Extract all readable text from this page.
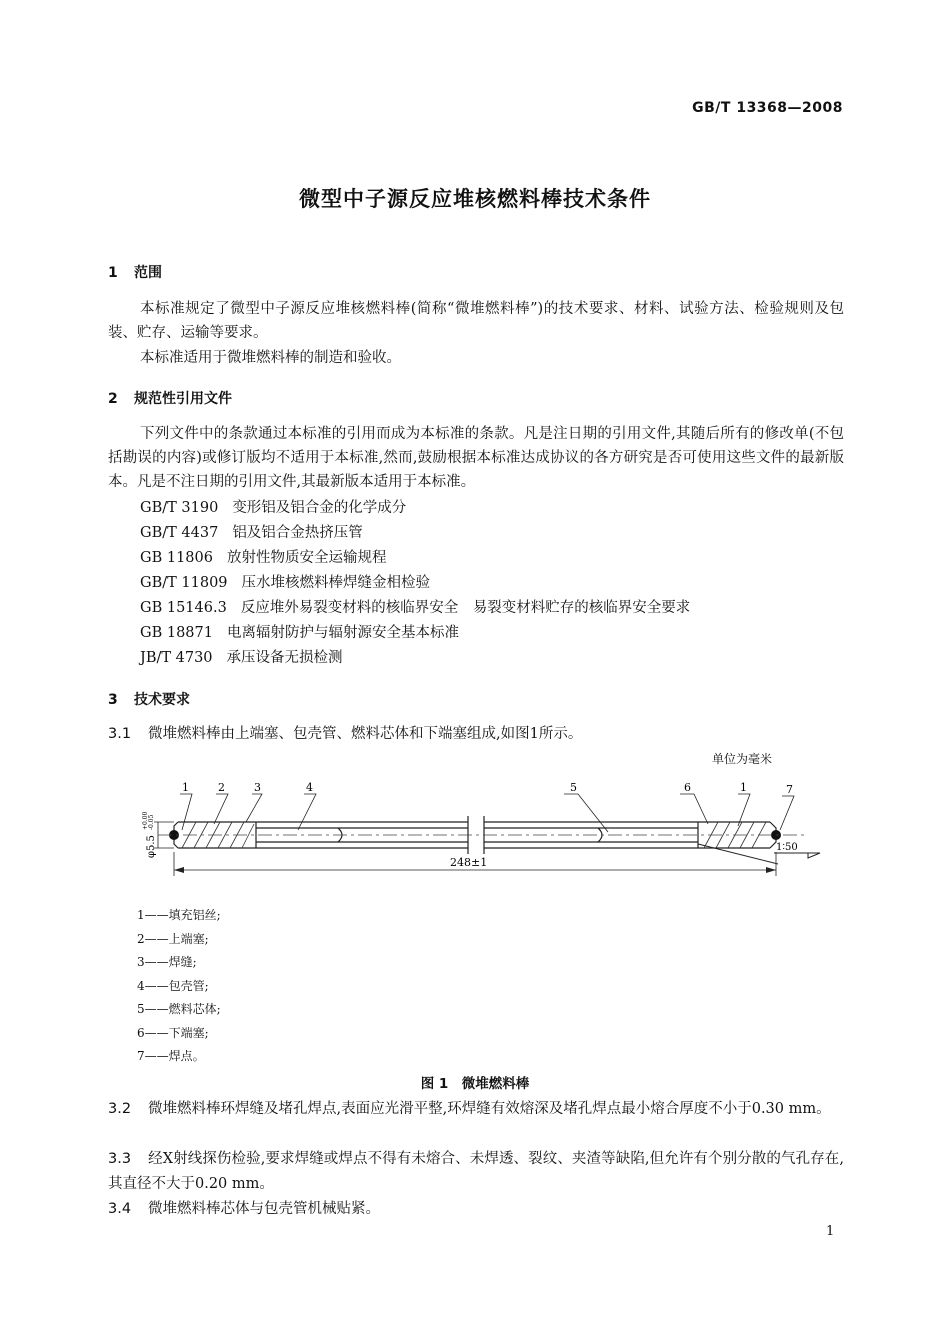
GB/T 13368—2008
微型中子源反应堆核燃料棒技术条件
1 范围
本标准规定了微型中子源反应堆核燃料棒(简称“微堆燃料棒”)的技术要求、材料、试验方法、检验规则及包装、贮存、运输等要求。
本标准适用于微堆燃料棒的制造和验收。
2 规范性引用文件
下列文件中的条款通过本标准的引用而成为本标准的条款。凡是注日期的引用文件,其随后所有的修改单(不包括勘误的内容)或修订版均不适用于本标准,然而,鼓励根据本标准达成协议的各方研究是否可使用这些文件的最新版本。凡是不注日期的引用文件,其最新版本适用于本标准。
GB/T 3190 变形铝及铝合金的化学成分
GB/T 4437 铝及铝合金热挤压管
GB 11806 放射性物质安全运输规程
GB/T 11809 压水堆核燃料棒焊缝金相检验
GB 15146.3 反应堆外易裂变材料的核临界安全　易裂变材料贮存的核临界安全要求
GB 18871 电离辐射防护与辐射源安全基本标准
JB/T 4730 承压设备无损检测
3 技术要求
3.1 微堆燃料棒由上端塞、包壳管、燃料芯体和下端塞组成,如图1所示。
单位为毫米
1∶50
248±1
φ5.5
+0.00 -0.05
1	2	3	4	5	6	1	7
1——填充铝丝;
2——上端塞;
3——焊缝;
4——包壳管;
5——燃料芯体;
6——下端塞;
7——焊点。
图 1　微堆燃料棒
3.2 微堆燃料棒环焊缝及堵孔焊点,表面应光滑平整,环焊缝有效熔深及堵孔焊点最小熔合厚度不小于0.30 mm。
3.3 经X射线探伤检验,要求焊缝或焊点不得有未熔合、未焊透、裂纹、夹渣等缺陷,但允许有个别分散的气孔存在,其直径不大于0.20 mm。
3.4 微堆燃料棒芯体与包壳管机械贴紧。
1
